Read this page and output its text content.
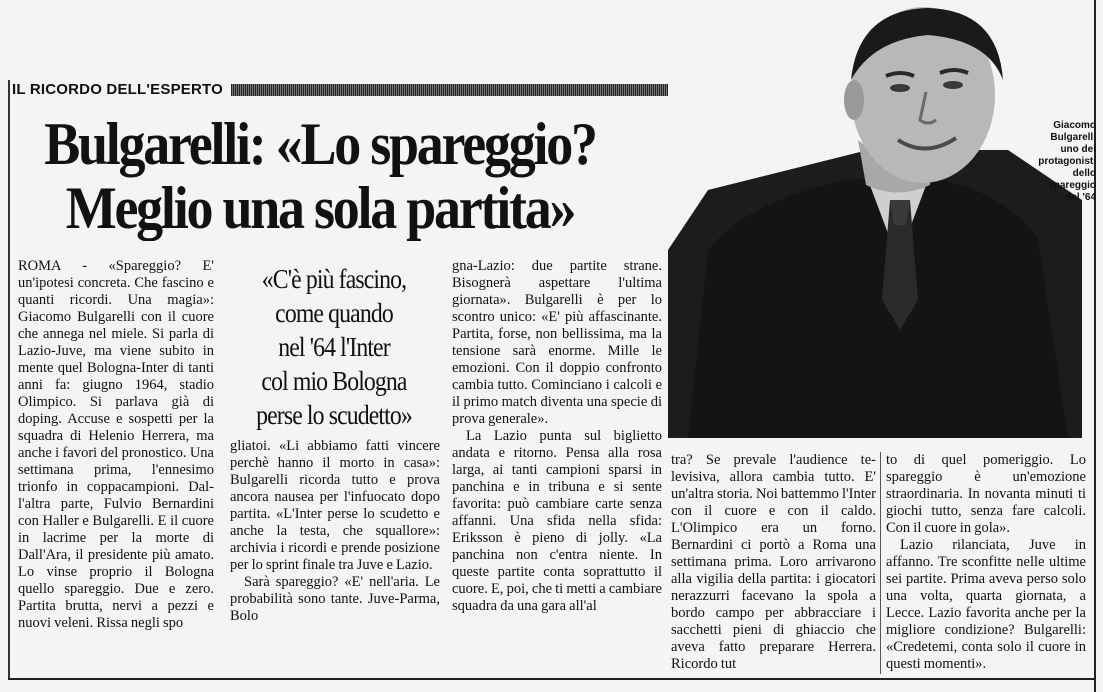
IL RICORDO DELL'ESPERTO
Bulgarelli: «Lo spareggio?
Meglio una sola partita»
Giacomo
Bulgarelli
uno dei
protagonisti
dello
spareggio
del '64

ROMA - «Spareggio? E' un'ipotesi concreta. Che fascino e quanti ricordi. Una magia»: Giacomo Bulgarelli con il cuore che annega nel miele. Si parla di Lazio-Juve, ma viene subito in mente quel Bologna-Inter di tanti anni fa: giugno 1964, stadio Olimpico. Si parlava già di doping. Accuse e sospetti per la squadra di Helenio Herrera, ma anche i favori del pronostico. Una settimana prima, l'ennesimo trionfo in coppacampioni. Dall'altra parte, Fulvio Bernardini con Haller e Bulgarelli. E il cuore in lacrime per la morte di Dall'Ara, il presidente più amato. Lo vinse proprio il Bologna quello spareggio. Due e zero. Partita brutta, nervi a pezzi e nuovi veleni. Rissa negli spo

«C'è più fascino,
come quando
nel '64 l'Inter
col mio Bologna
perse lo scudetto»

gliatoi. «Li abbiamo fatti vincere perchè hanno il morto in casa»: Bulgarelli ricorda tutto e prova ancora nausea per l'infuocato dopo partita. «L'Inter perse lo scudetto e anche la testa, che squallore»: archivia i ricordi e prende posizione per lo sprint finale tra Juve e Lazio.

Sarà spareggio? «E' nell'aria. Le probabilità sono tante. Juve-Parma, Bolo

gna-Lazio: due partite strane. Bisognerà aspettare l'ultima giornata». Bulgarelli è per lo scontro unico: «E' più affascinante. Partita, forse, non bellissima, ma la tensione sarà enorme. Mille le emozioni. Con il doppio confronto cambia tutto. Cominciano i calcoli e il primo match diventa una specie di prova generale».

La Lazio punta sul biglietto andata e ritorno. Pensa alla rosa larga, ai tanti campioni sparsi in panchina e in tribuna e si sente favorita: può cambiare carte senza affanni. Una sfida nella sfida: Eriksson è pieno di jolly. «La panchina non c'entra niente. In queste partite conta soprattutto il cuore. E, poi, che ti metti a cambiare squadra da una gara all'al

tra? Se prevale l'audience televisiva, allora cambia tutto. E' un'altra storia. Noi battemmo l'Inter con il cuore e con il caldo. L'Olimpico era un forno. Bernardini ci portò a Roma una settimana prima. Loro arrivarono alla vigilia della partita: i giocatori nerazzurri facevano la spola a bordo campo per abbracciare i sacchetti pieni di ghiaccio che aveva fatto preparare Herrera. Ricordo tut

to di quel pomeriggio. Lo spareggio è un'emozione straordinaria. In novanta minuti ti giochi tutto, senza fare calcoli. Con il cuore in gola».

Lazio rilanciata, Juve in affanno. Tre sconfitte nelle ultime sei partite. Prima aveva perso solo una volta, quarta giornata, a Lecce. Lazio favorita anche per la migliore condizione? Bulgarelli: «Credetemi, conta solo il cuore in questi momenti».
